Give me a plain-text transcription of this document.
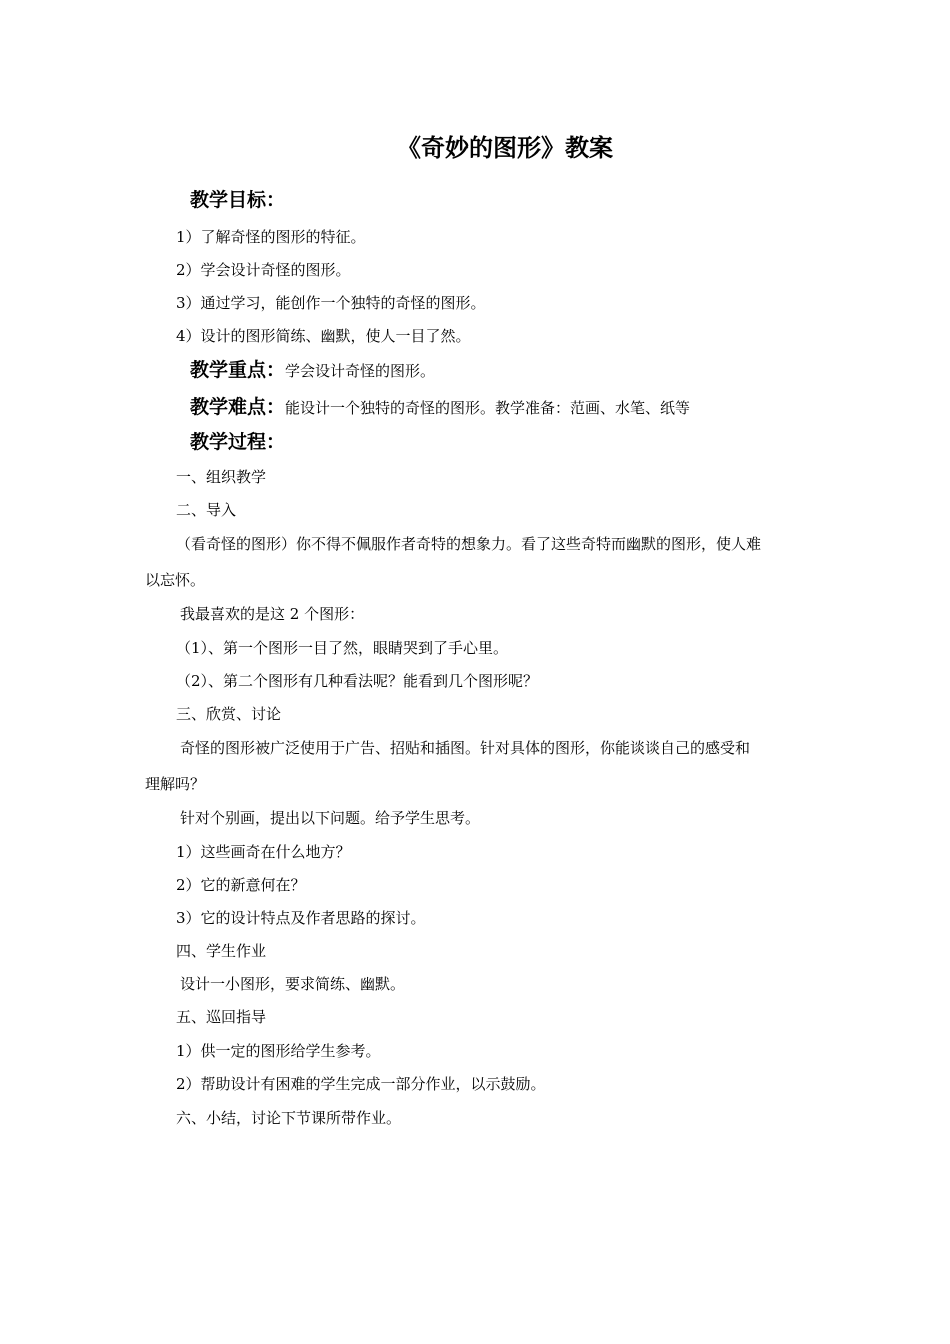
《奇妙的图形》教案
教学目标：
1）了解奇怪的图形的特征。
2）学会设计奇怪的图形。
3）通过学习，能创作一个独特的奇怪的图形。
4）设计的图形简练、幽默，使人一目了然。
教学重点：学会设计奇怪的图形。
教学难点：能设计一个独特的奇怪的图形。教学准备：范画、水笔、纸等
教学过程：
一、组织教学
二、导入
（看奇怪的图形）你不得不佩服作者奇特的想象力。看了这些奇特而幽默的图形，使人难
以忘怀。
我最喜欢的是这 2 个图形：
（1）、第一个图形一目了然，眼睛哭到了手心里。
（2）、第二个图形有几种看法呢？能看到几个图形呢？
三、欣赏、讨论
奇怪的图形被广泛使用于广告、招贴和插图。针对具体的图形，你能谈谈自己的感受和
理解吗？
针对个别画，提出以下问题。给予学生思考。
1）这些画奇在什么地方？
2）它的新意何在？
3）它的设计特点及作者思路的探讨。
四、学生作业
设计一小图形，要求简练、幽默。
五、巡回指导
1）供一定的图形给学生参考。
2）帮助设计有困难的学生完成一部分作业，以示鼓励。
六、小结，讨论下节课所带作业。
